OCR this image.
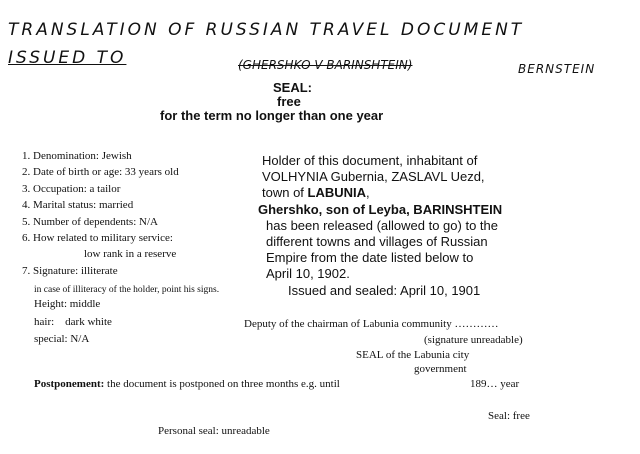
TRANSLATION OF RUSSIAN TRAVEL DOCUMENT
ISSUED TO	(GHERSHKO V BARINSHTEIN)	BERNSTEIN
SEAL:
free
for the term no longer than one year
1. Denomination: Jewish
2. Date of birth or age: 33 years old
3. Occupation: a tailor
4. Marital status: married
5. Number of dependents: N/A
6. How related to military service:
low rank in a reserve
7. Signature: illiterate
Holder of this document, inhabitant of
VOLHYNIA Gubernia, ZASLAVL Uezd,
town of LABUNIA,
Ghershko, son of Leyba, BARINSHTEIN
has been released (allowed to go) to the
different towns and villages of Russian
Empire from the date listed below to
April 10, 1902.
Issued and sealed: April 10, 1901
in case of illiteracy of the holder, point his signs.
Height: middle
hair:    dark white
special: N/A
Deputy of the chairman of Labunia community …………
(signature unreadable)
SEAL of the Labunia city
government
Postponement: the document is postponed on three months e.g. until	189… year
Seal: free
Personal seal: unreadable
